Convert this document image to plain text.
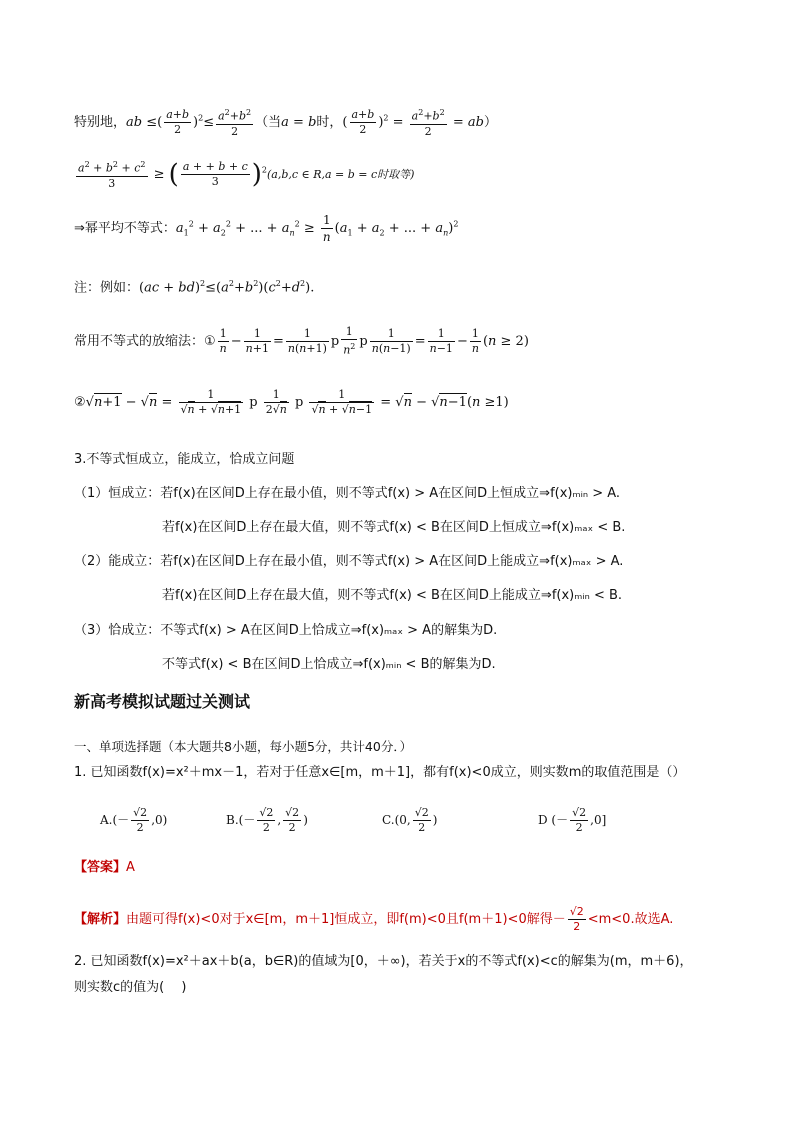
特别地，ab ≤( $\frac{a+b}{2} )^2\le \frac{a^2+b^2}{2}$ （当a = b时，( $\frac{a+b}{2} )^2 = \frac{a^2+b^2}{2} = ab$）
$\frac{a^2 + b^2 + c^2}{3}$ ≥ ( $\frac{a + + b + c}{3} )^2(a,b,c$ ∈ R,a = b = c时取等)
⇒幂平均不等式：$a_1^2 + a_2^2$ + ... + $a_n^2 \ge \frac{1}{n} (a_1 + a_2$ + ... + $a_n)^2$
注：例如：$(ac + bd)^2\le(a^2+b^2)(c^2+d^2)$.
常用不等式的放缩法：① $\frac{1}{n} - \frac{1}{n+1} = \frac{1}{n(n+1)}$ p $\frac{1}{n^2}$ p $\frac{1}{n(n-1)} = \frac{1}{n-1} - \frac{1}{n} (n \ge 2)$
②√n+1 − $√n = \frac{1}{√n + √n+1}$ p $\frac{1}{2√n}$ p $\frac{1}{√n + √n-1} = √n - √n-1(n \ge 1)$
3.不等式恒成立，能成立，恰成立问题
（1）恒成立：若f(x)在区间D上存在最小值，则不等式f(x) > A在区间D上恒成立⇒f(x)ₘᵢₙ > A.
若f(x)在区间D上存在最大值，则不等式f(x) < B在区间D上恒成立⇒f(x)ₘₐₓ < B.
（2）能成立：若f(x)在区间D上存在最小值，则不等式f(x) > A在区间D上能成立⇒f(x)ₘₐₓ > A.
若f(x)在区间D上存在最大值，则不等式f(x) < B在区间D上能成立⇒f(x)ₘᵢₙ < B.
（3）恰成立：不等式f(x) > A在区间D上恰成立⇒f(x)ₘₐₓ > A的解集为D.
不等式f(x) < B在区间D上恰成立⇒f(x)ₘᵢₙ < B的解集为D.
新高考模拟试题过关测试
一、单项选择题（本大题共8小题，每小题5分，共计40分．）
1. 已知函数f(x)=x²＋mx－1，若对于任意x∈[m，m＋1]，都有f(x)<0成立，则实数m的取值范围是（）
$A.(- \frac{√2}{2} ,0)$	$B.(- \frac{√2}{2}$ , $\frac{√2}{2}$ )	C.(0, $\frac{√2}{2}$ )	D (－ $\frac{√2}{2} ,0$]
【答案】A
【解析】由题可得f(x)<0对于x∈[m，m＋1]恒成立，即f(m)<0且f(m＋1)<0解得－ $\frac{√2}{2} <m<0$.故选A.
2. 已知函数f(x)=x²＋ax＋b(a，b∈R)的值域为[0，＋∞)，若关于x的不等式f(x)<c的解集为(m，m＋6)，
则实数c的值为(　 )
